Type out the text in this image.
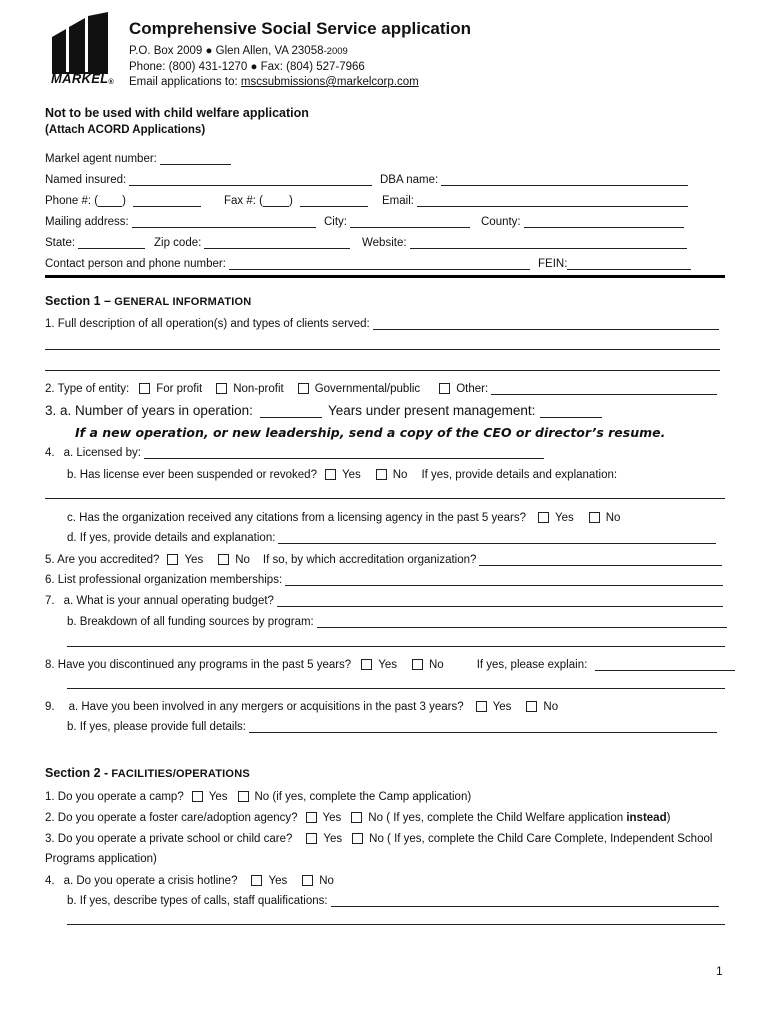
MARKEL ®
Comprehensive Social Service application
P.O. Box 2009 ● Glen Allen, VA 23058 -2009
Phone: (800) 431-1270 ● Fax: (804) 527-7966
Email applications to:
mscsubmissions@markelcorp.com
Not to be used with child welfare application
(Attach ACORD Applications)
Markel agent number:
Named insured:	DBA name:
Phone #: ( )	Fax #: ( )	Email:
Mailing address:	City:	County:
State:	Zip code:	Website:
Contact person and phone number:	FEIN:
Section 1 –
GENERAL INFORMATION
1. Full description of all operation(s) and types of clients served:
2. Type of entity: For profit	Non-profit	Governmental/public	Other:
3. a. Number of years in operation:	Years under present management:
If a new operation, or new leadership, send a copy of the CEO or director’s resume.
4. a. Licensed by:
b. Has license ever been suspended or revoked? Yes	No If yes, provide details and explanation:
c. Has the organization received any citations from a licensing agency in the past 5 years?	Yes	No
d. If yes, provide details and explanation:
5. Are you accredited? Yes	No If so, by which accreditation organization?
6. List professional organization memberships:
7. a. What is your annual operating budget?
b. Breakdown of all funding sources by program:
8. Have you discontinued any programs in the past 5 years? Yes	No	If yes, please explain:
9. a. Have you been involved in any mergers or acquisitions in the past 3 years?	Yes	No
b. If yes, please provide full details:
Section 2 -
FACILITIES/OPERATIONS
1. Do you operate a camp? Yes No (if yes, complete the Camp application)
2. Do you operate a foster care/adoption agency? Yes No ( If yes, complete the Child Welfare application
instead )
3. Do you operate a private school or child care?	Yes No ( If yes, complete the Child Care Complete, Independent School
Programs application)
4. a. Do you operate a crisis hotline?	Yes	No
b. If yes, describe types of calls, staff qualifications:
1
